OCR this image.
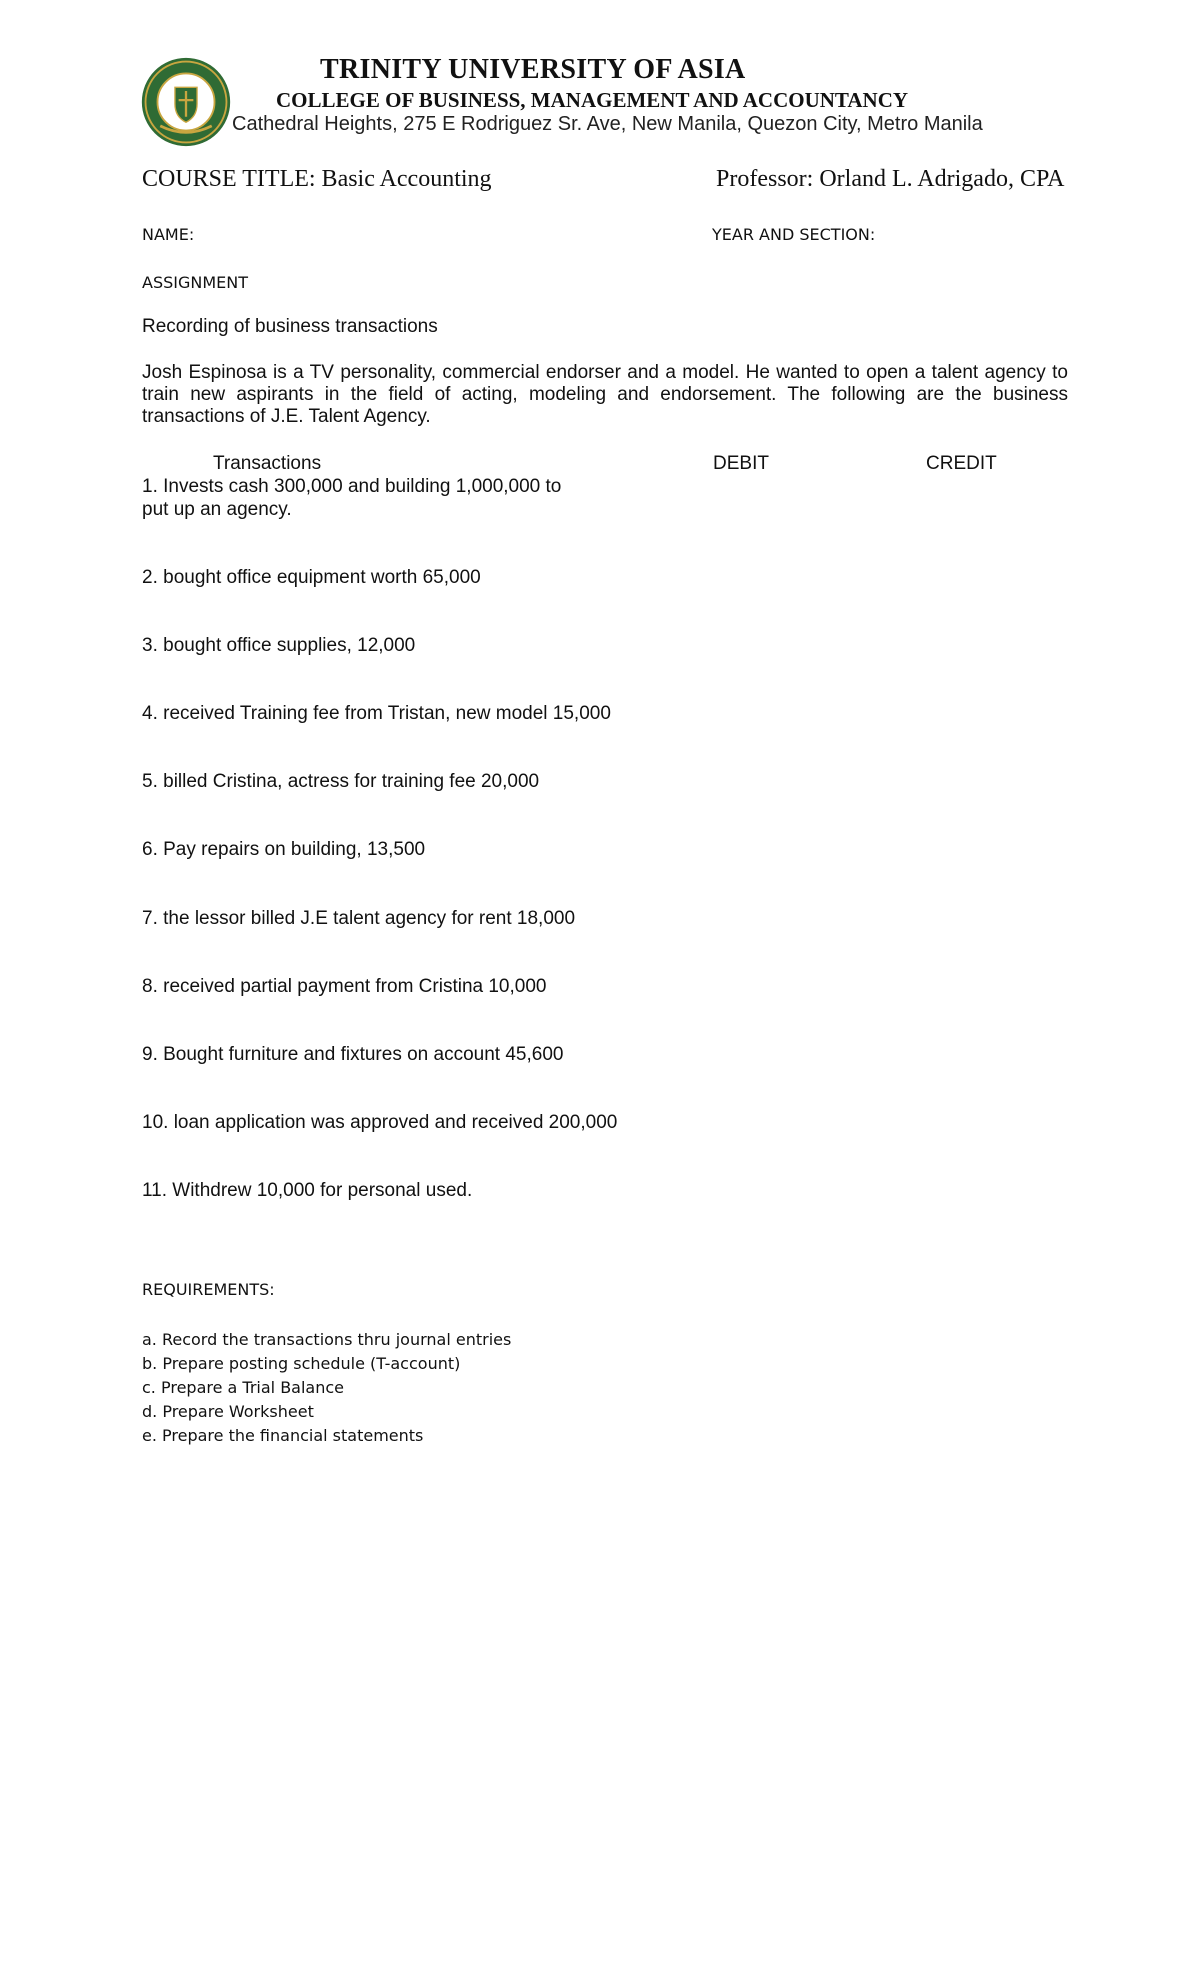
TRINITY UNIVERSITY OF ASIA
COLLEGE OF BUSINESS, MANAGEMENT AND ACCOUNTANCY
Cathedral Heights, 275 E Rodriguez Sr. Ave, New Manila, Quezon City, Metro Manila
COURSE TITLE: Basic Accounting	Professor: Orland L. Adrigado, CPA
NAME:	YEAR AND SECTION:
ASSIGNMENT
Recording of business transactions

Josh Espinosa is a TV personality, commercial endorser and a model. He wanted to open a talent agency to train new aspirants in the field of acting, modeling and endorsement. The following are the business transactions of J.E. Talent Agency.

Transactions	DEBIT	CREDIT
1. Invests cash 300,000 and building 1,000,000 to put up an agency.
2. bought office equipment worth 65,000
3. bought office supplies, 12,000
4. received Training fee from Tristan, new model 15,000
5. billed Cristina, actress for training fee 20,000
6. Pay repairs on building, 13,500
7. the lessor billed J.E talent agency for rent 18,000
8. received partial payment from Cristina 10,000
9. Bought furniture and fixtures on account 45,600
10. loan application was approved and received 200,000
11. Withdrew 10,000 for personal used.
REQUIREMENTS:
a. Record the transactions thru journal entries
b. Prepare posting schedule (T-account)
c. Prepare a Trial Balance
d. Prepare Worksheet
e. Prepare the financial statements
